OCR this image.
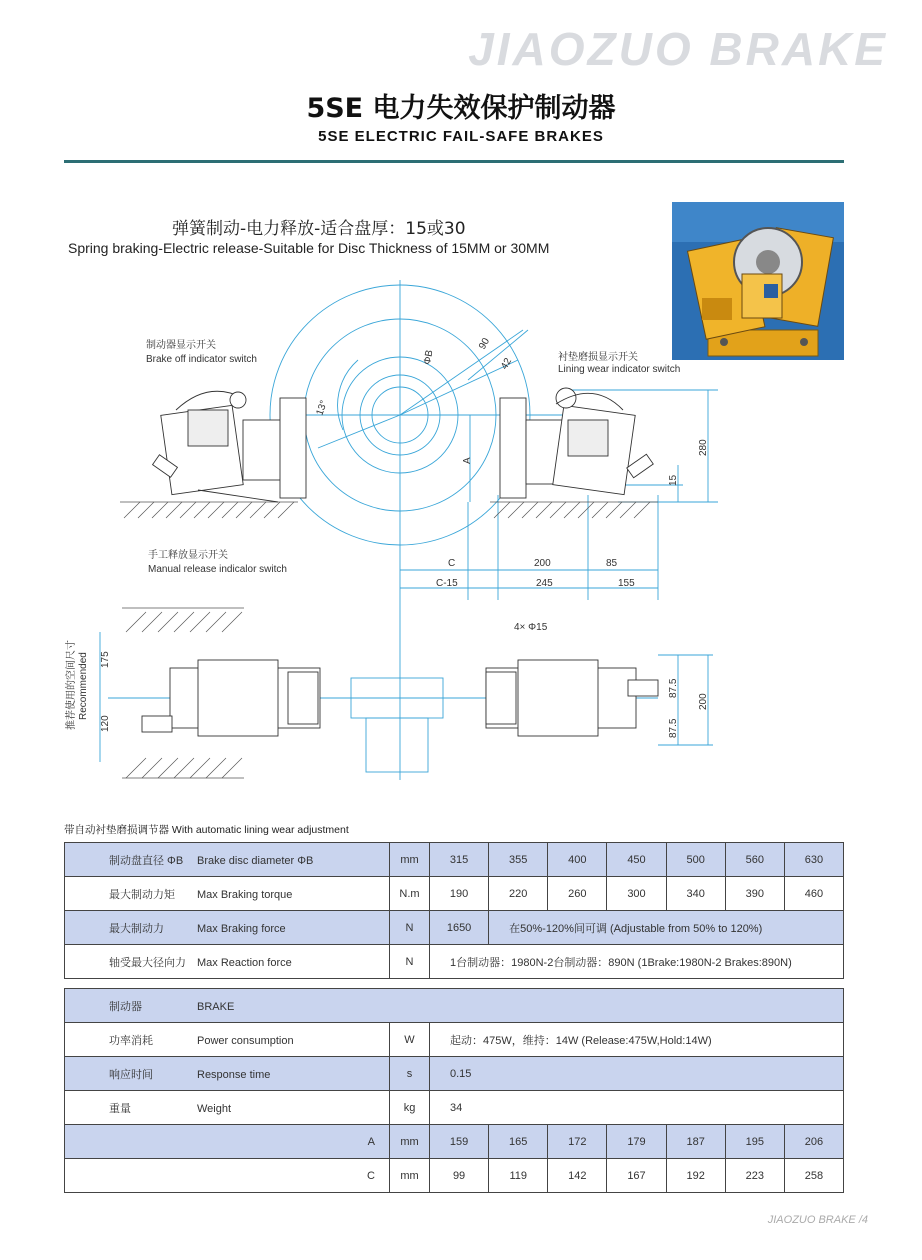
JIAOZUO BRAKE
5SE 电力失效保护制动器
5SE ELECTRIC FAIL-SAFE BRAKES
弹簧制动-电力释放-适合盘厚：15或30
Spring braking-Electric release-Suitable for Disc Thickness of 15MM or 30MM
制动器显示开关
Brake off indicator switch	衬垫磨损显示开关
Lining wear indicator switch
手工释放显示开关
Manual release indicalor switch
ΦB
90
42
13°
A
280
15
C	200	85
C-15	245	155
4× Φ15
175
120
87.5
87.5
200
推荐使用的空间尺寸 Recommended
带自动衬垫磨损调节器 With automatic lining wear adjustment
制动盘直径 ΦB Brake disc diameter ΦB	mm	315	355	400	450	500	560	630
最大制动力矩 Max Braking torque	N.m	190	220	260	300	340	390	460
最大制动力 Max Braking force	N	1650	在50%-120%间可调 (Adjustable from 50% to 120%)					
轴受最大径向力 Max Reaction force	N	1台制动器：1980N-2台制动器：890N (1Brake:1980N-2 Brakes:890N)						
制动器 BRAKE								
功率消耗 Power consumption	W	起动：475W，维持：14W (Release:475W,Hold:14W)						
响应时间 Response time	s	0.15						
重量 Weight	kg	34						
A	mm	159	165	172	179	187	195	206
C	mm	99	119	142	167	192	223	258
JIAOZUO BRAKE /4
